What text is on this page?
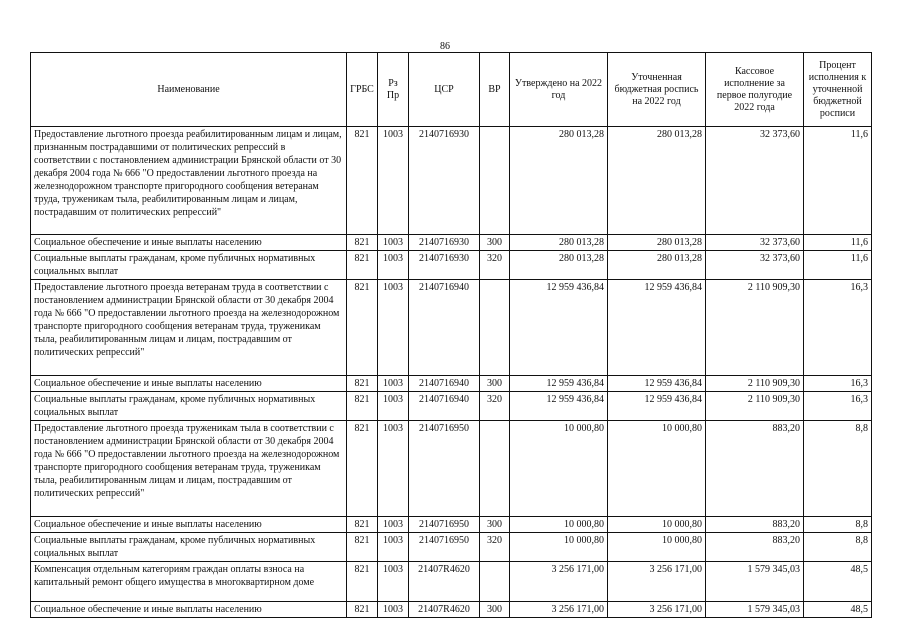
86
Наименование	ГРБС	Рз Пр	ЦСР	ВР	Утверждено на 2022 год	Уточненная бюджетная роспись на 2022 год	Кассовое исполнение за первое полугодие 2022 года	Процент исполнения к уточненной бюджетной росписи
Предоставление льготного проезда реабилитированным лицам и лицам, признанным пострадавшими от политических репрессий в соответствии с постановлением администрации Брянской области от 30 декабря 2004 года № 666 "О предоставлении льготного проезда на железнодорожном транспорте пригородного сообщения ветеранам труда, труженикам тыла, реабилитированным лицам и лицам, пострадавшим от политических репрессий"	821	1003	2140716930		280 013,28	280 013,28	32 373,60	11,6
Социальное обеспечение и иные выплаты населению	821	1003	2140716930	300	280 013,28	280 013,28	32 373,60	11,6
Социальные выплаты гражданам, кроме публичных нормативных социальных выплат	821	1003	2140716930	320	280 013,28	280 013,28	32 373,60	11,6
Предоставление льготного проезда ветеранам труда в соответствии с постановлением администрации Брянской области от 30 декабря 2004 года № 666 "О предоставлении льготного проезда на железнодорожном транспорте пригородного сообщения ветеранам труда, труженикам тыла, реабилитированным лицам и лицам, пострадавшим от политических репрессий"	821	1003	2140716940		12 959 436,84	12 959 436,84	2 110 909,30	16,3
Социальное обеспечение и иные выплаты населению	821	1003	2140716940	300	12 959 436,84	12 959 436,84	2 110 909,30	16,3
Социальные выплаты гражданам, кроме публичных нормативных социальных выплат	821	1003	2140716940	320	12 959 436,84	12 959 436,84	2 110 909,30	16,3
Предоставление льготного проезда труженикам тыла в соответствии с постановлением администрации Брянской области от 30 декабря 2004 года № 666 "О предоставлении льготного проезда на железнодорожном транспорте пригородного сообщения ветеранам труда, труженикам тыла, реабилитированным лицам и лицам, пострадавшим от политических репрессий"	821	1003	2140716950		10 000,80	10 000,80	883,20	8,8
Социальное обеспечение и иные выплаты населению	821	1003	2140716950	300	10 000,80	10 000,80	883,20	8,8
Социальные выплаты гражданам, кроме публичных нормативных социальных выплат	821	1003	2140716950	320	10 000,80	10 000,80	883,20	8,8
Компенсация отдельным категориям граждан оплаты взноса на капитальный ремонт общего имущества в многоквартирном доме	821	1003	21407R4620		3 256 171,00	3 256 171,00	1 579 345,03	48,5
Социальное обеспечение и иные выплаты населению	821	1003	21407R4620	300	3 256 171,00	3 256 171,00	1 579 345,03	48,5
